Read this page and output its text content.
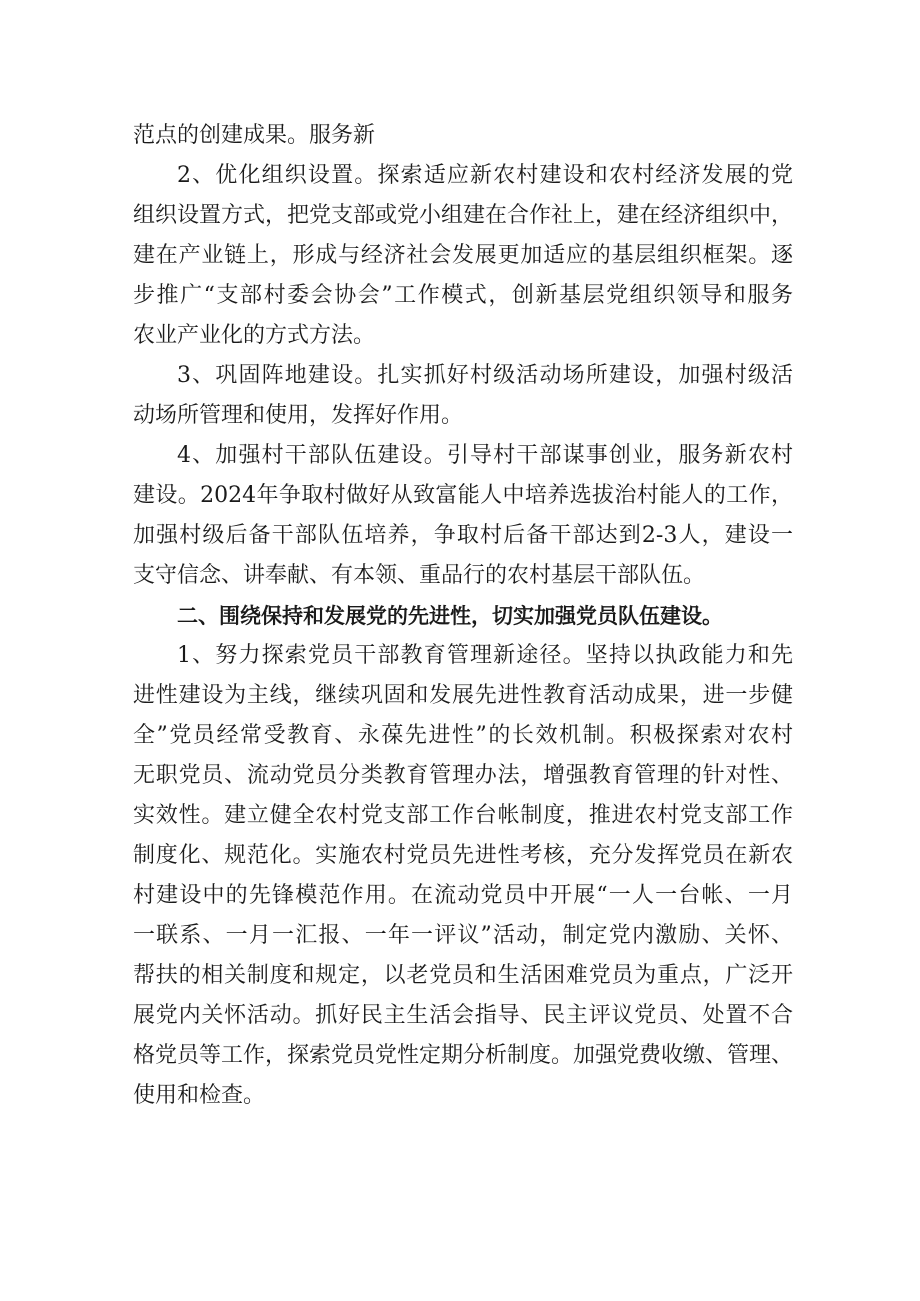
范点的创建成果。服务新
2、优化组织设置。探索适应新农村建设和农村经济发展的党
组织设置方式，把党支部或党小组建在合作社上，建在经济组织中，
建在产业链上，形成与经济社会发展更加适应的基层组织框架。逐
步推广“支部村委会协会”工作模式，创新基层党组织领导和服务
农业产业化的方式方法。
3、巩固阵地建设。扎实抓好村级活动场所建设，加强村级活
动场所管理和使用，发挥好作用。
4、加强村干部队伍建设。引导村干部谋事创业，服务新农村
建设。2024年争取村做好从致富能人中培养选拔治村能人的工作，
加强村级后备干部队伍培养，争取村后备干部达到2-3人，建设一
支守信念、讲奉献、有本领、重品行的农村基层干部队伍。
二、围绕保持和发展党的先进性，切实加强党员队伍建设。
1、努力探索党员干部教育管理新途径。坚持以执政能力和先
进性建设为主线，继续巩固和发展先进性教育活动成果，进一步健
全”党员经常受教育、永葆先进性”的长效机制。积极探索对农村
无职党员、流动党员分类教育管理办法，增强教育管理的针对性、
实效性。建立健全农村党支部工作台帐制度，推进农村党支部工作
制度化、规范化。实施农村党员先进性考核，充分发挥党员在新农
村建设中的先锋模范作用。在流动党员中开展“一人一台帐、一月
一联系、一月一汇报、一年一评议”活动，制定党内激励、关怀、
帮扶的相关制度和规定，以老党员和生活困难党员为重点，广泛开
展党内关怀活动。抓好民主生活会指导、民主评议党员、处置不合
格党员等工作，探索党员党性定期分析制度。加强党费收缴、管理、
使用和检查。
